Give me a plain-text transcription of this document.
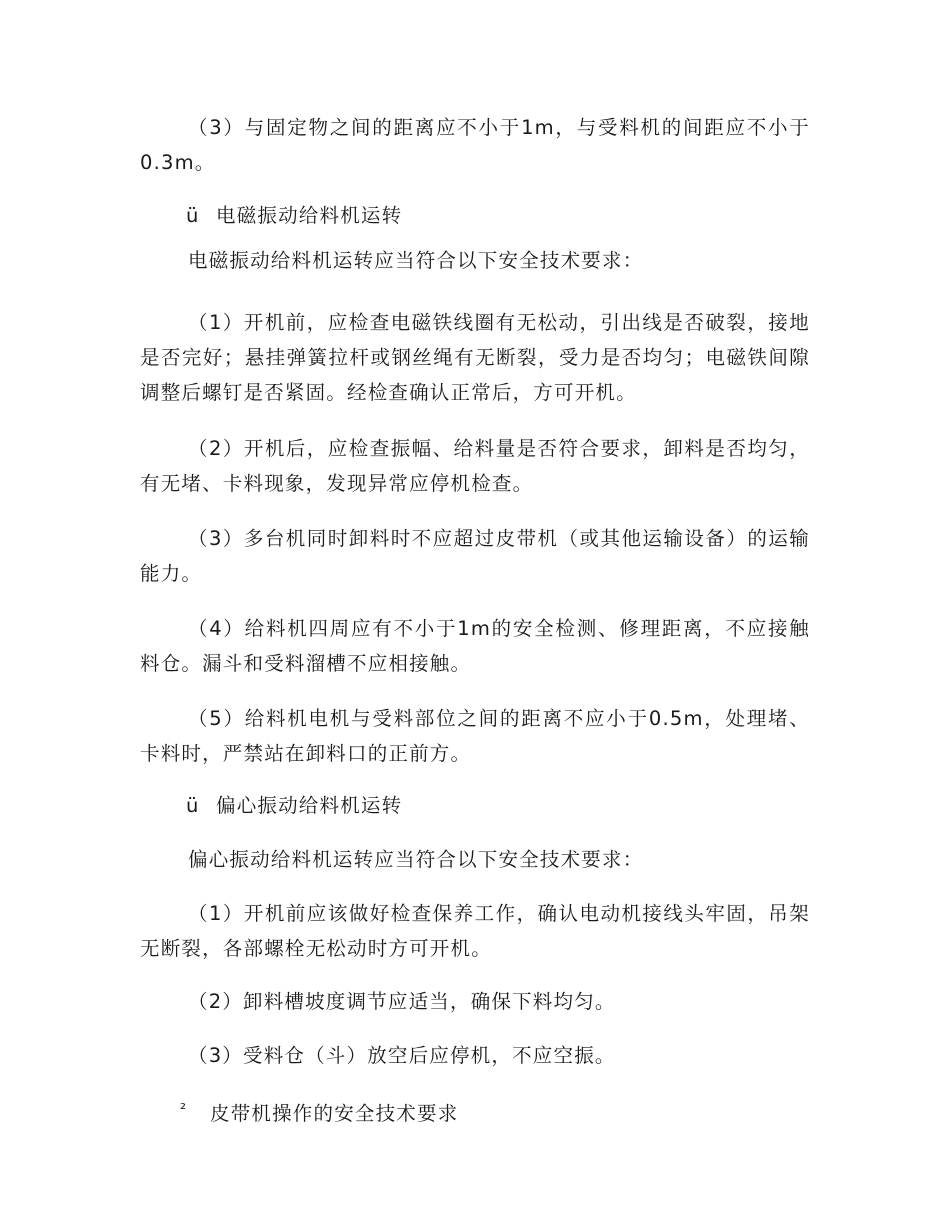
（3）与固定物之间的距离应不小于1m，与受料机的间距应不小于0.3m。

ü 电磁振动给料机运转

电磁振动给料机运转应当符合以下安全技术要求：

（1）开机前，应检查电磁铁线圈有无松动，引出线是否破裂，接地是否完好；悬挂弹簧拉杆或钢丝绳有无断裂，受力是否均匀；电磁铁间隙调整后螺钉是否紧固。经检查确认正常后，方可开机。

（2）开机后，应检查振幅、给料量是否符合要求，卸料是否均匀，有无堵、卡料现象，发现异常应停机检查。

（3）多台机同时卸料时不应超过皮带机（或其他运输设备）的运输能力。

（4）给料机四周应有不小于1m的安全检测、修理距离，不应接触料仓。漏斗和受料溜槽不应相接触。

（5）给料机电机与受料部位之间的距离不应小于0.5m，处理堵、卡料时，严禁站在卸料口的正前方。

ü 偏心振动给料机运转

偏心振动给料机运转应当符合以下安全技术要求：

（1）开机前应该做好检查保养工作，确认电动机接线头牢固，吊架无断裂，各部螺栓无松动时方可开机。

（2）卸料槽坡度调节应适当，确保下料均匀。

（3）受料仓（斗）放空后应停机，不应空振。

² 皮带机操作的安全技术要求
